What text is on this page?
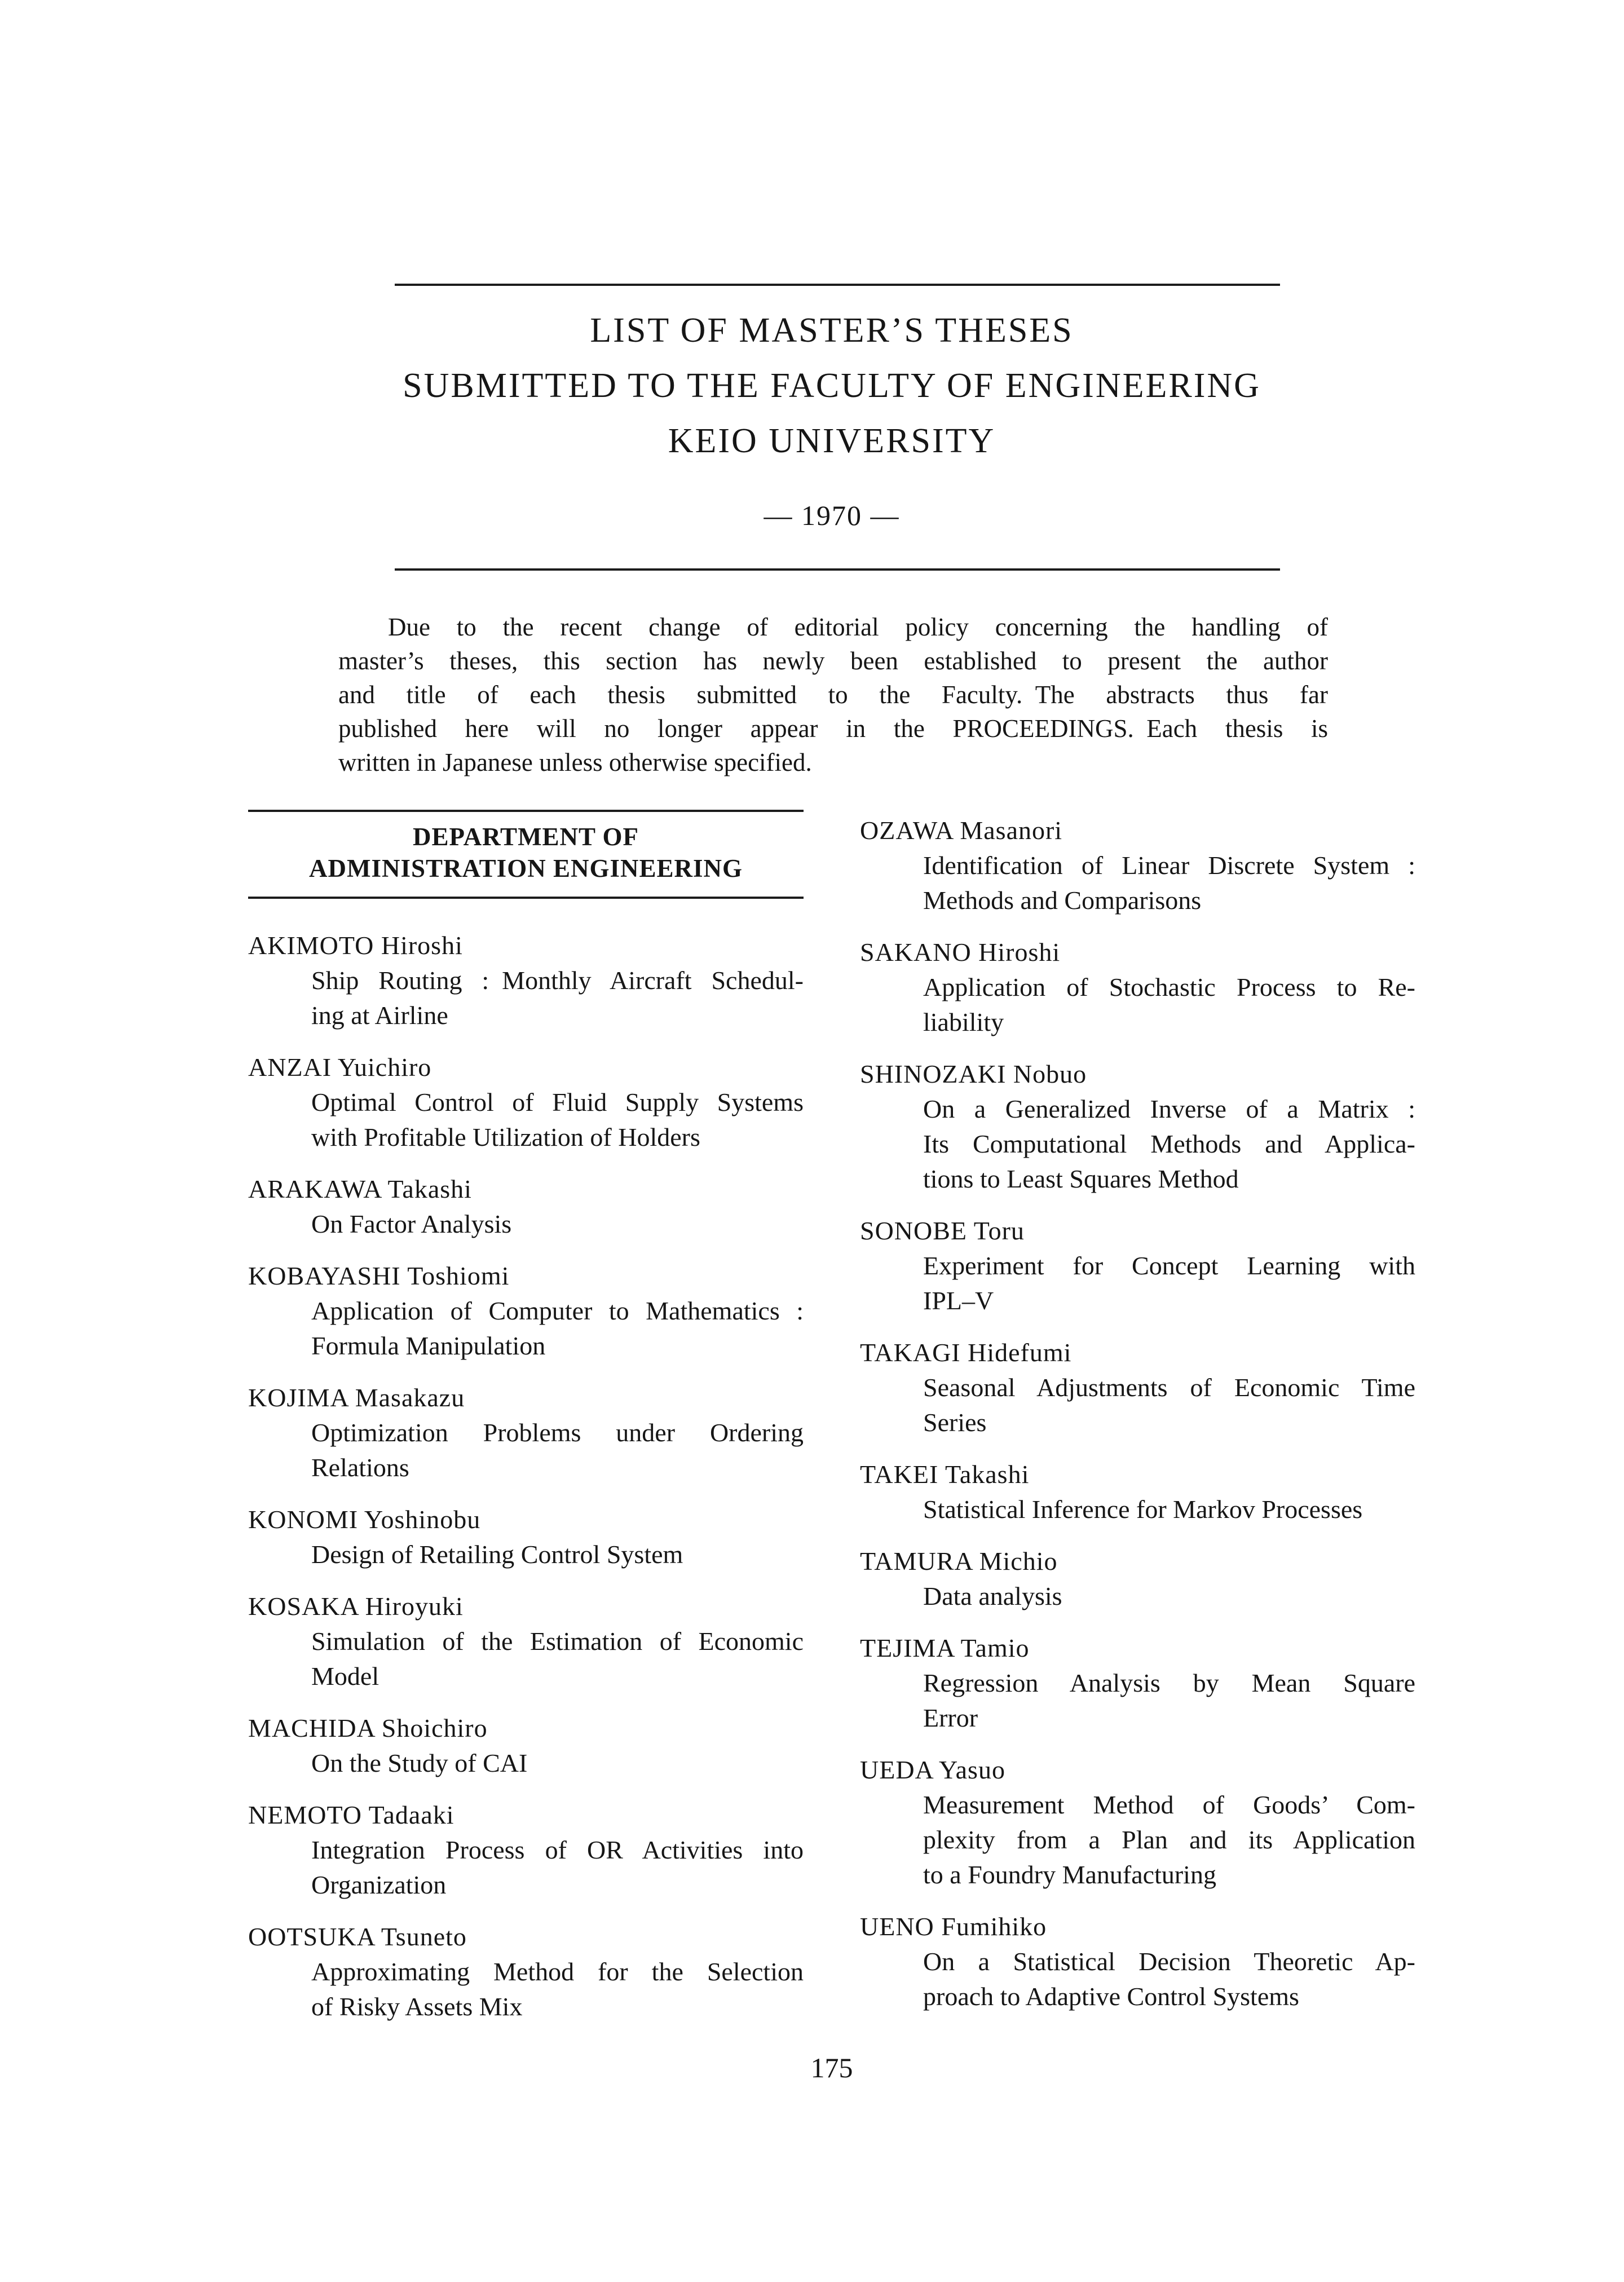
LIST OF MASTER’S THESES
SUBMITTED TO THE FACULTY OF ENGINEERING
KEIO UNIVERSITY
— 1970 —
Due to the recent change of editorial policy concerning the handling of
master’s theses, this section has newly been established to present the author
and title of each thesis submitted to the Faculty. The abstracts thus far
published here will no longer appear in the PROCEEDINGS. Each thesis is
written in Japanese unless otherwise specified.
DEPARTMENT OF
ADMINISTRATION ENGINEERING
AKIMOTO Hiroshi
Ship Routing : Monthly Aircraft Schedul-
ing at Airline
ANZAI Yuichiro
Optimal Control of Fluid Supply Systems
with Profitable Utilization of Holders
ARAKAWA Takashi
On Factor Analysis
KOBAYASHI Toshiomi
Application of Computer to Mathematics :
Formula Manipulation
KOJIMA Masakazu
Optimization Problems under Ordering
Relations
KONOMI Yoshinobu
Design of Retailing Control System
KOSAKA Hiroyuki
Simulation of the Estimation of Economic
Model
MACHIDA Shoichiro
On the Study of CAI
NEMOTO Tadaaki
Integration Process of OR Activities into
Organization
OOTSUKA Tsuneto
Approximating Method for the Selection
of Risky Assets Mix
OZAWA Masanori
Identification of Linear Discrete System :
Methods and Comparisons
SAKANO Hiroshi
Application of Stochastic Process to Re-
liability
SHINOZAKI Nobuo
On a Generalized Inverse of a Matrix :
Its Computational Methods and Applica-
tions to Least Squares Method
SONOBE Toru
Experiment for Concept Learning with
IPL–V
TAKAGI Hidefumi
Seasonal Adjustments of Economic Time
Series
TAKEI Takashi
Statistical Inference for Markov Processes
TAMURA Michio
Data analysis
TEJIMA Tamio
Regression Analysis by Mean Square
Error
UEDA Yasuo
Measurement Method of Goods’ Com-
plexity from a Plan and its Application
to a Foundry Manufacturing
UENO Fumihiko
On a Statistical Decision Theoretic Ap-
proach to Adaptive Control Systems
175
